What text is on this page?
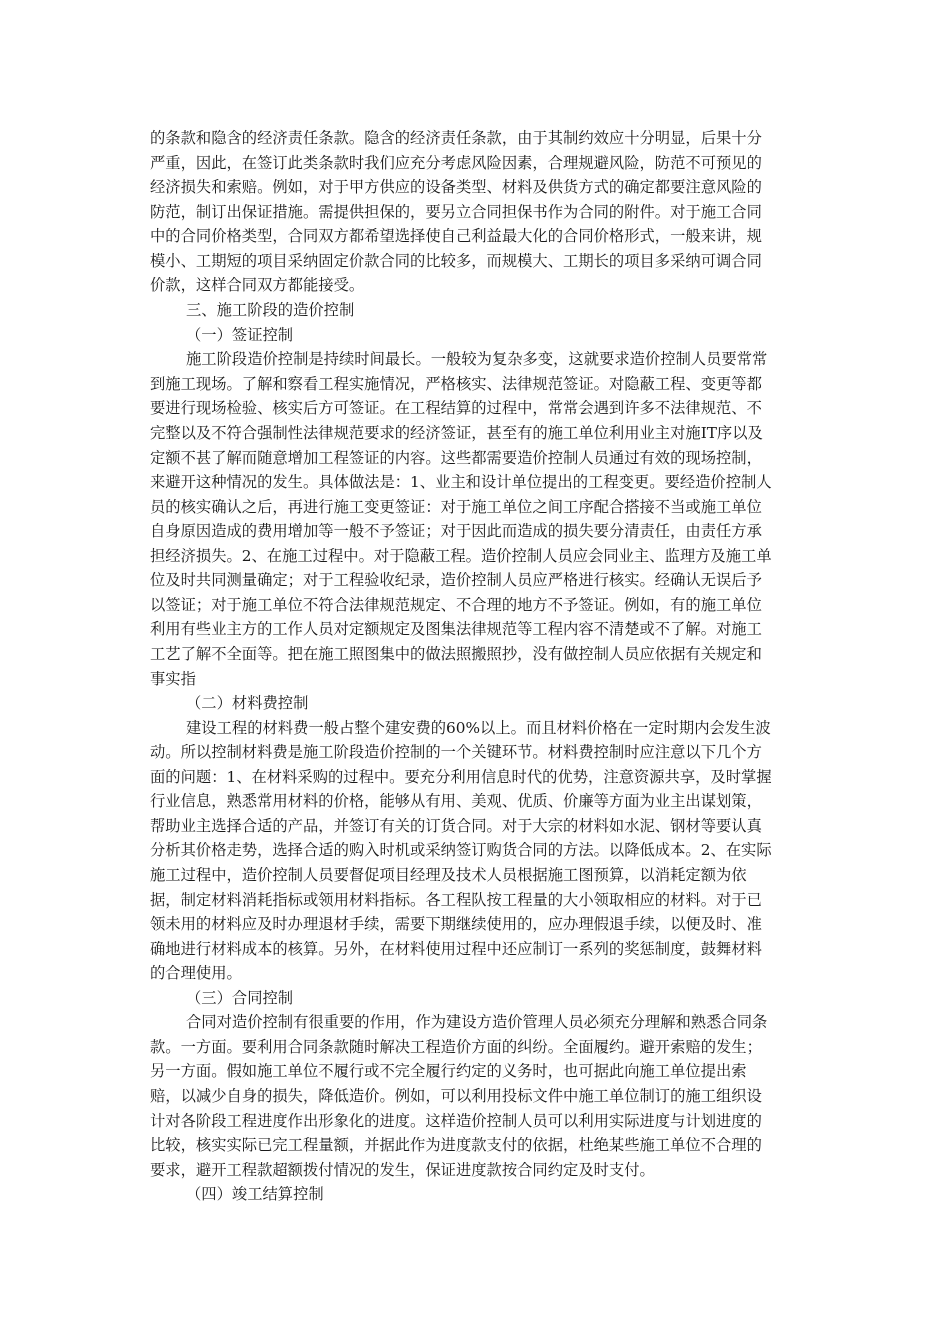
的条款和隐含的经济责任条款。隐含的经济责任条款，由于其制约效应十分明显，后果十分
严重，因此，在签订此类条款时我们应充分考虑风险因素，合理规避风险，防范不可预见的
经济损失和索赔。例如，对于甲方供应的设备类型、材料及供货方式的确定都要注意风险的
防范，制订出保证措施。需提供担保的，要另立合同担保书作为合同的附件。对于施工合同
中的合同价格类型，合同双方都希望选择使自己利益最大化的合同价格形式，一般来讲，规
模小、工期短的项目采纳固定价款合同的比较多，而规模大、工期长的项目多采纳可调合同
价款，这样合同双方都能接受。
三、施工阶段的造价控制
（一）签证控制
施工阶段造价控制是持续时间最长。一般较为复杂多变，这就要求造价控制人员要常常
到施工现场。了解和察看工程实施情况，严格核实、法律规范签证。对隐蔽工程、变更等都
要进行现场检验、核实后方可签证。在工程结算的过程中，常常会遇到许多不法律规范、不
完整以及不符合强制性法律规范要求的经济签证，甚至有的施工单位利用业主对施IT序以及
定额不甚了解而随意增加工程签证的内容。这些都需要造价控制人员通过有效的现场控制，
来避开这种情况的发生。具体做法是：1、业主和设计单位提出的工程变更。要经造价控制人
员的核实确认之后，再进行施工变更签证：对于施工单位之间工序配合搭接不当或施工单位
自身原因造成的费用增加等一般不予签证；对于因此而造成的损失要分清责任，由责任方承
担经济损失。2、在施工过程中。对于隐蔽工程。造价控制人员应会同业主、监理方及施工单
位及时共同测量确定；对于工程验收纪录，造价控制人员应严格进行核实。经确认无误后予
以签证；对于施工单位不符合法律规范规定、不合理的地方不予签证。例如，有的施工单位
利用有些业主方的工作人员对定额规定及图集法律规范等工程内容不清楚或不了解。对施工
工艺了解不全面等。把在施工照图集中的做法照搬照抄，没有做控制人员应依据有关规定和
事实指
（二）材料费控制
建设工程的材料费一般占整个建安费的60%以上。而且材料价格在一定时期内会发生波
动。所以控制材料费是施工阶段造价控制的一个关键环节。材料费控制时应注意以下几个方
面的问题：1、在材料采购的过程中。要充分利用信息时代的优势，注意资源共享，及时掌握
行业信息，熟悉常用材料的价格，能够从有用、美观、优质、价廉等方面为业主出谋划策，
帮助业主选择合适的产品，并签订有关的订货合同。对于大宗的材料如水泥、钢材等要认真
分析其价格走势，选择合适的购入时机或采纳签订购货合同的方法。以降低成本。2、在实际
施工过程中，造价控制人员要督促项目经理及技术人员根据施工图预算，以消耗定额为依
据，制定材料消耗指标或领用材料指标。各工程队按工程量的大小领取相应的材料。对于已
领未用的材料应及时办理退材手续，需要下期继续使用的，应办理假退手续，以便及时、准
确地进行材料成本的核算。另外，在材料使用过程中还应制订一系列的奖惩制度，鼓舞材料
的合理使用。
（三）合同控制
合同对造价控制有很重要的作用，作为建设方造价管理人员必须充分理解和熟悉合同条
款。一方面。要利用合同条款随时解决工程造价方面的纠纷。全面履约。避开索赔的发生；
另一方面。假如施工单位不履行或不完全履行约定的义务时，也可据此向施工单位提出索
赔，以减少自身的损失，降低造价。例如，可以利用投标文件中施工单位制订的施工组织设
计对各阶段工程进度作出形象化的进度。这样造价控制人员可以利用实际进度与计划进度的
比较，核实实际已完工程量额，并据此作为进度款支付的依据，杜绝某些施工单位不合理的
要求，避开工程款超额拨付情况的发生，保证进度款按合同约定及时支付。
（四）竣工结算控制
